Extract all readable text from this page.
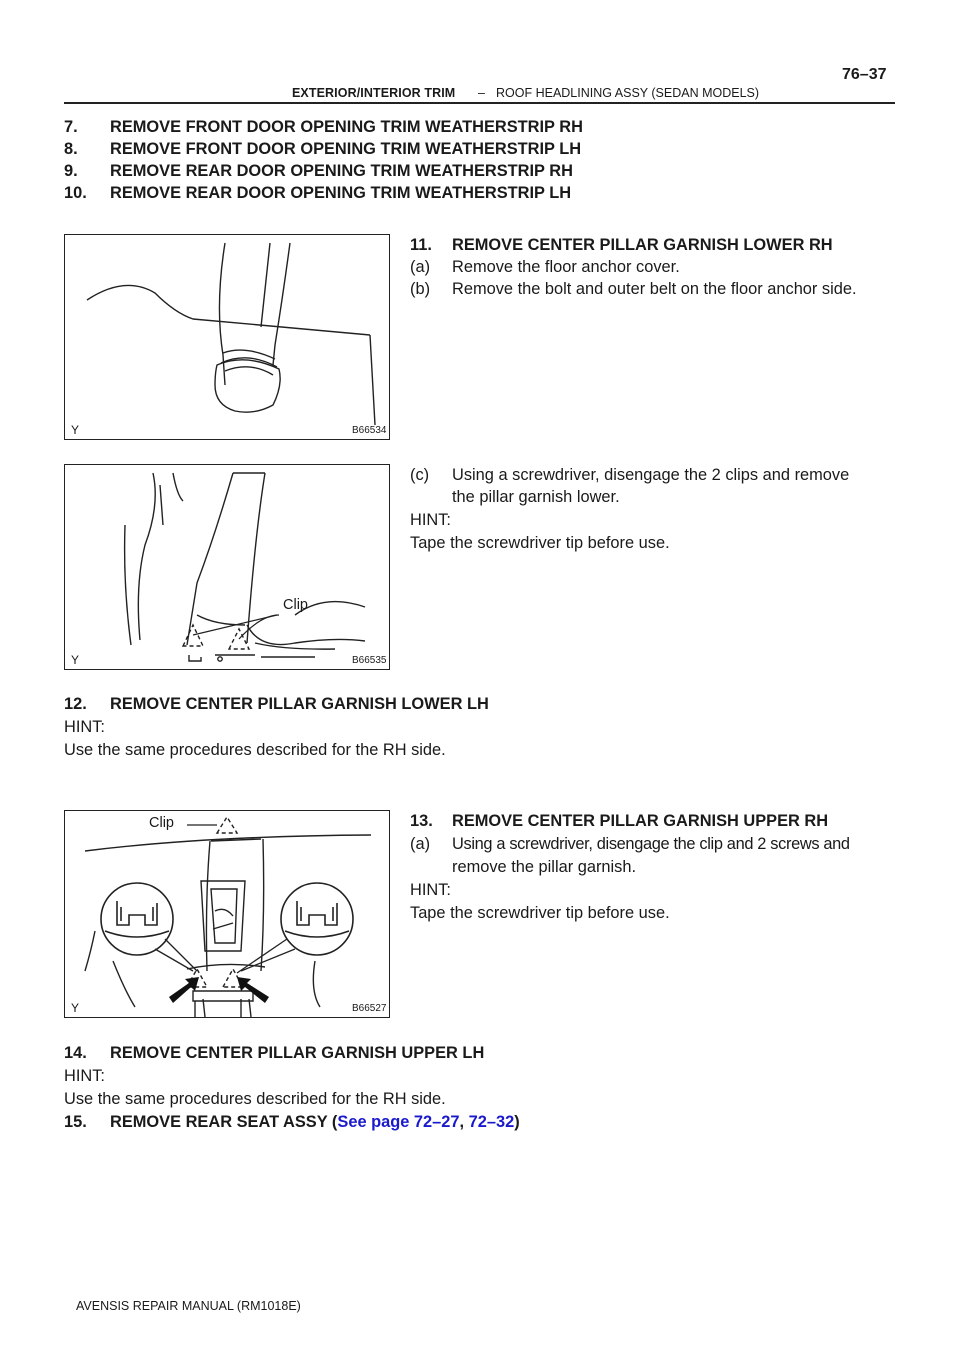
EXTERIOR/INTERIOR TRIM – ROOF HEADLINING ASSY (SEDAN MODELS)
76–37
7. REMOVE FRONT DOOR OPENING TRIM WEATHERSTRIP RH
8. REMOVE FRONT DOOR OPENING TRIM WEATHERSTRIP LH
9. REMOVE REAR DOOR OPENING TRIM WEATHERSTRIP RH
10. REMOVE REAR DOOR OPENING TRIM WEATHERSTRIP LH
Y	B66534
11. REMOVE CENTER PILLAR GARNISH LOWER RH
(a) Remove the floor anchor cover.
(b) Remove the bolt and outer belt on the floor anchor side.
Clip
Y	B66535
(c) Using a screwdriver, disengage the 2 clips and remove
the pillar garnish lower.
HINT:
Tape the screwdriver tip before use.
12. REMOVE CENTER PILLAR GARNISH LOWER LH
HINT:
Use the same procedures described for the RH side.
Clip
Y	B66527
13. REMOVE CENTER PILLAR GARNISH UPPER RH
(a) Using a screwdriver, disengage the clip and 2 screws and
remove the pillar garnish.
HINT:
Tape the screwdriver tip before use.
14. REMOVE CENTER PILLAR GARNISH UPPER LH
HINT:
Use the same procedures described for the RH side.
15. REMOVE REAR SEAT ASSY (See page 72–27, 72–32)
AVENSIS REPAIR MANUAL (RM1018E)
